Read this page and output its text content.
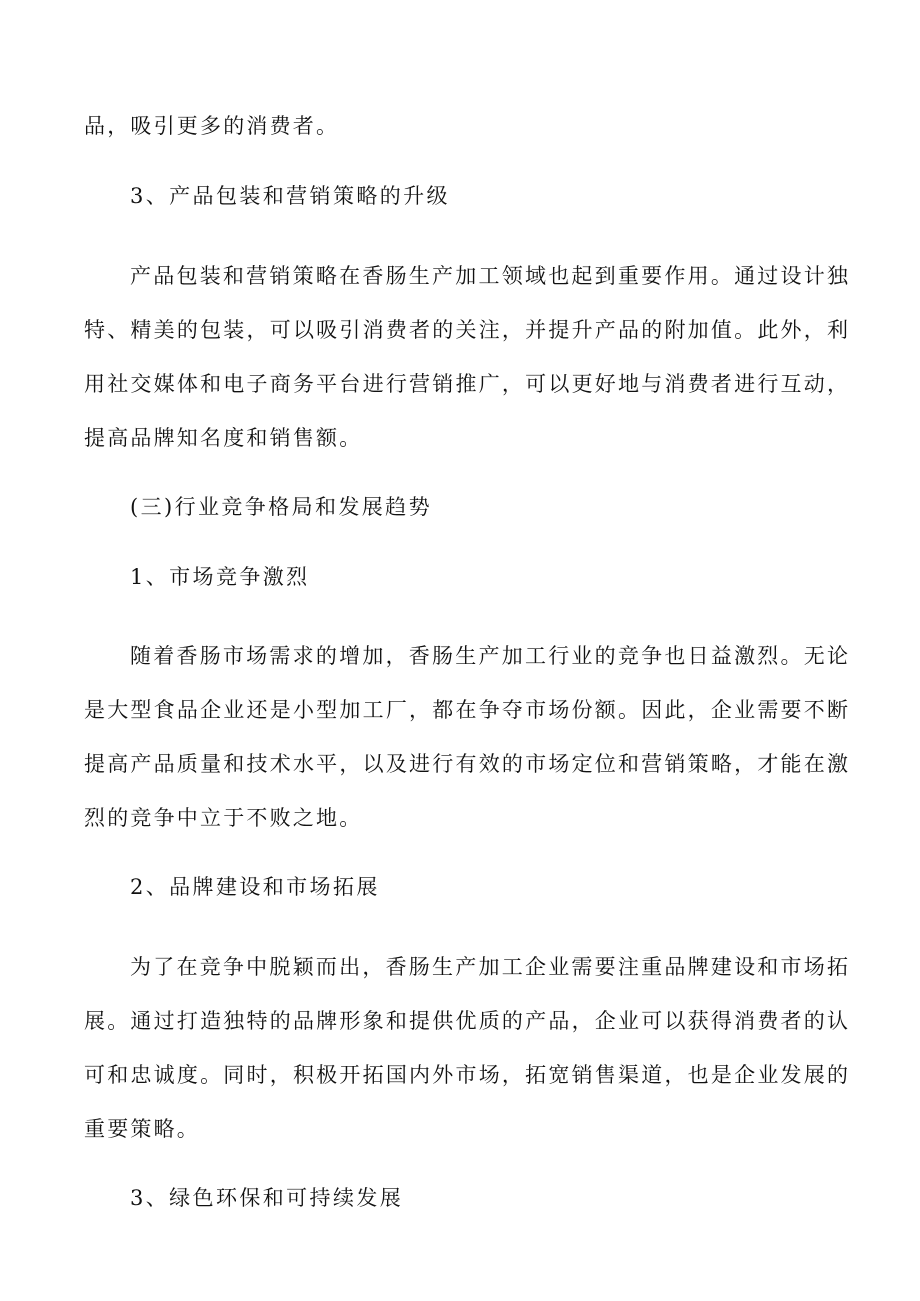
品，吸引更多的消费者。
3、产品包装和营销策略的升级
产品包装和营销策略在香肠生产加工领域也起到重要作用。通过设计独
特、精美的包装，可以吸引消费者的关注，并提升产品的附加值。此外，利
用社交媒体和电子商务平台进行营销推广，可以更好地与消费者进行互动，
提高品牌知名度和销售额。
(三)行业竞争格局和发展趋势
1、市场竞争激烈
随着香肠市场需求的增加，香肠生产加工行业的竞争也日益激烈。无论
是大型食品企业还是小型加工厂，都在争夺市场份额。因此，企业需要不断
提高产品质量和技术水平，以及进行有效的市场定位和营销策略，才能在激
烈的竞争中立于不败之地。
2、品牌建设和市场拓展
为了在竞争中脱颖而出，香肠生产加工企业需要注重品牌建设和市场拓
展。通过打造独特的品牌形象和提供优质的产品，企业可以获得消费者的认
可和忠诚度。同时，积极开拓国内外市场，拓宽销售渠道，也是企业发展的
重要策略。
3、绿色环保和可持续发展
